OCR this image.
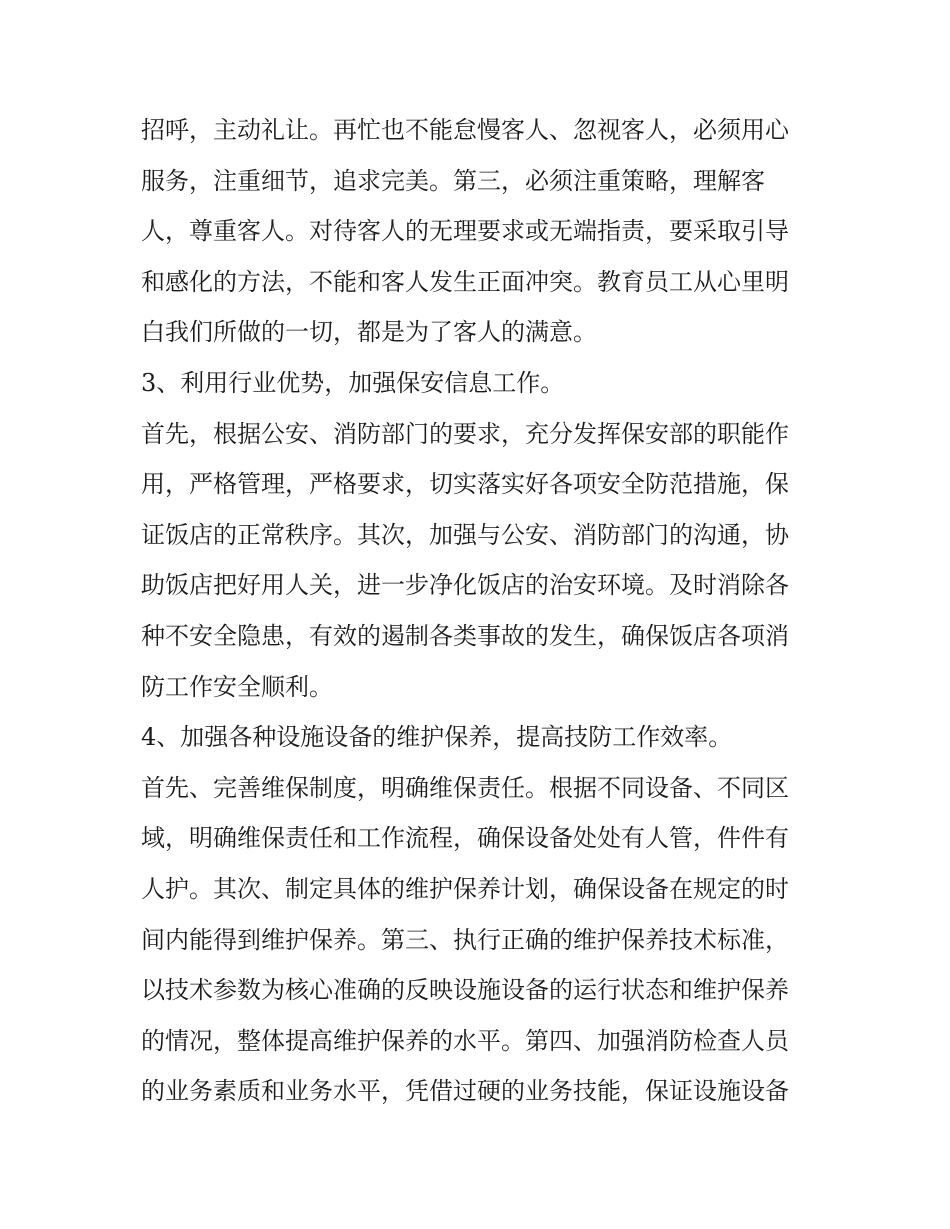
招呼，主动礼让。再忙也不能怠慢客人、忽视客人，必须用心
服务，注重细节，追求完美。第三，必须注重策略，理解客
人，尊重客人。对待客人的无理要求或无端指责，要采取引导
和感化的方法，不能和客人发生正面冲突。教育员工从心里明
白我们所做的一切，都是为了客人的满意。
3、利用行业优势，加强保安信息工作。
首先，根据公安、消防部门的要求，充分发挥保安部的职能作
用，严格管理，严格要求，切实落实好各项安全防范措施，保
证饭店的正常秩序。其次，加强与公安、消防部门的沟通，协
助饭店把好用人关，进一步净化饭店的治安环境。及时消除各
种不安全隐患，有效的遏制各类事故的发生，确保饭店各项消
防工作安全顺利。
4、加强各种设施设备的维护保养，提高技防工作效率。
首先、完善维保制度，明确维保责任。根据不同设备、不同区
域，明确维保责任和工作流程，确保设备处处有人管，件件有
人护。其次、制定具体的维护保养计划，确保设备在规定的时
间内能得到维护保养。第三、执行正确的维护保养技术标准，
以技术参数为核心准确的反映设施设备的运行状态和维护保养
的情况，整体提高维护保养的水平。第四、加强消防检查人员
的业务素质和业务水平，凭借过硬的业务技能，保证设施设备
